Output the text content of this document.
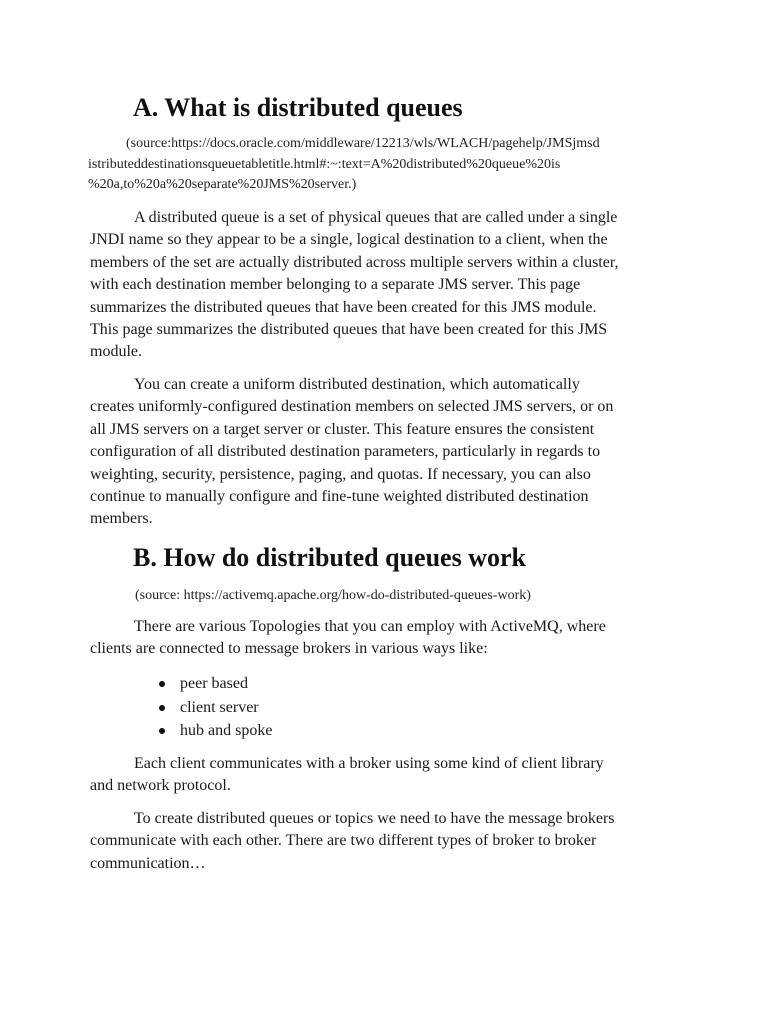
A. What is distributed queues
(source:https://docs.oracle.com/middleware/12213/wls/WLACH/pagehelp/JMSjmsd
istributeddestinationsqueuetabletitle.html#:~:text=A%20distributed%20queue%20is
%20a,to%20a%20separate%20JMS%20server.)
A distributed queue is a set of physical queues that are called under a single
JNDI name so they appear to be a single, logical destination to a client, when the
members of the set are actually distributed across multiple servers within a cluster,
with each destination member belonging to a separate JMS server. This page
summarizes the distributed queues that have been created for this JMS module.
This page summarizes the distributed queues that have been created for this JMS
module.
You can create a uniform distributed destination, which automatically
creates uniformly-configured destination members on selected JMS servers, or on
all JMS servers on a target server or cluster. This feature ensures the consistent
configuration of all distributed destination parameters, particularly in regards to
weighting, security, persistence, paging, and quotas. If necessary, you can also
continue to manually configure and fine-tune weighted distributed destination
members.
B. How do distributed queues work

(source: https://activemq.apache.org/how-do-distributed-queues-work)

There are various Topologies that you can employ with ActiveMQ, where
clients are connected to message brokers in various ways like:
peer based
client server
hub and spoke
Each client communicates with a broker using some kind of client library
and network protocol.
To create distributed queues or topics we need to have the message brokers
communicate with each other. There are two different types of broker to broker
communication…
